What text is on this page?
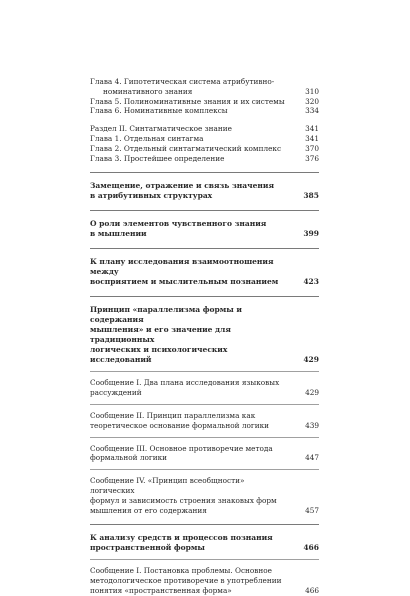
Глава 4. Гипотетическая система атрибутивно-

номинативного знания	310
Глава 5. Полиноминативные знания и их системы	320
Глава 6. Номинативные комплексы	334
Раздел II. Синтагматическое знание	341
Глава 1. Отдельная синтагма	341
Глава 2. Отдельный синтагматический комплекс	370
Глава 3. Простейшее определение	376
Замещение, отражение и связь значения
в атрибутивных структурах	385
О роли элементов чувственного знания
в мышлении	399
К плану исследования взаимоотношения между
восприятием и мыслительным познанием	423
Принцип «параллелизма формы и содержания
мышления» и его значение для традиционных
логических и психологических исследований	429
Сообщение I. Два плана исследования языковых
рассуждений	429
Сообщение II. Принцип параллелизма как
теоретическое основание формальной логики	439
Сообщение III. Основное противоречие метода
формальной логики	447
Сообщение IV. «Принцип всеобщности» логических
формул и зависимость строения знаковых форм
мышления от его содержания	457
К анализу средств и процессов познания
пространственной формы	466
Сообщение I. Постановка проблемы. Основное
методологическое противоречие в употреблении
понятия «пространственная форма»	466
